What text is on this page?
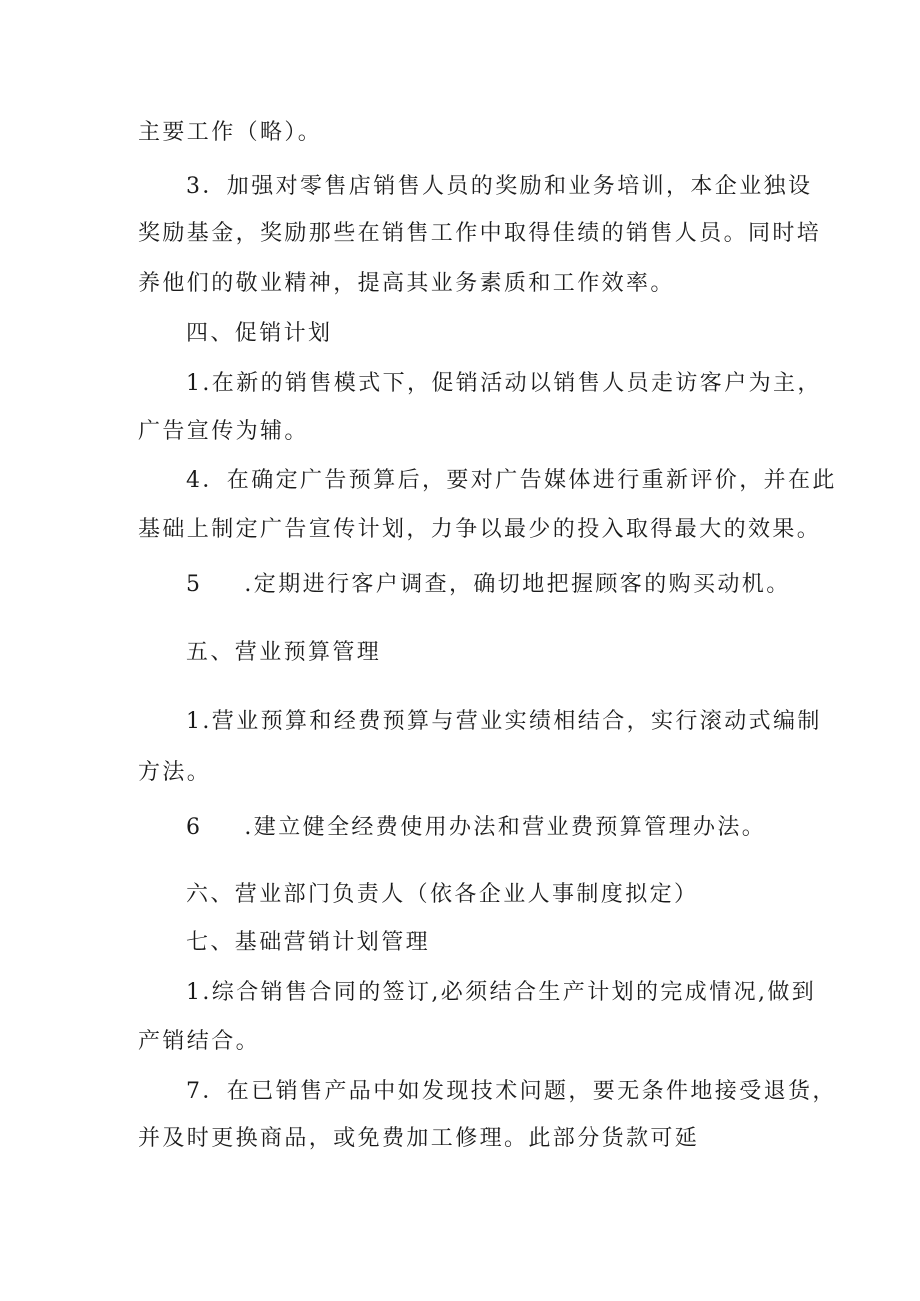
主要工作（略）。
3．加强对零售店销售人员的奖励和业务培训，本企业独设
奖励基金，奖励那些在销售工作中取得佳绩的销售人员。同时培
养他们的敬业精神，提高其业务素质和工作效率。
四、促销计划
1.在新的销售模式下，促销活动以销售人员走访客户为主，
广告宣传为辅。
4．在确定广告预算后，要对广告媒体进行重新评价，并在此
基础上制定广告宣传计划，力争以最少的投入取得最大的效果。
5 .定期进行客户调查，确切地把握顾客的购买动机。
五、营业预算管理
1.营业预算和经费预算与营业实绩相结合，实行滚动式编制
方法。
6 .建立健全经费使用办法和营业费预算管理办法。
六、营业部门负责人（依各企业人事制度拟定）
七、基础营销计划管理
1.综合销售合同的签订,必须结合生产计划的完成情况,做到
产销结合。
7．在已销售产品中如发现技术问题，要无条件地接受退货，
并及时更换商品，或免费加工修理。此部分货款可延
